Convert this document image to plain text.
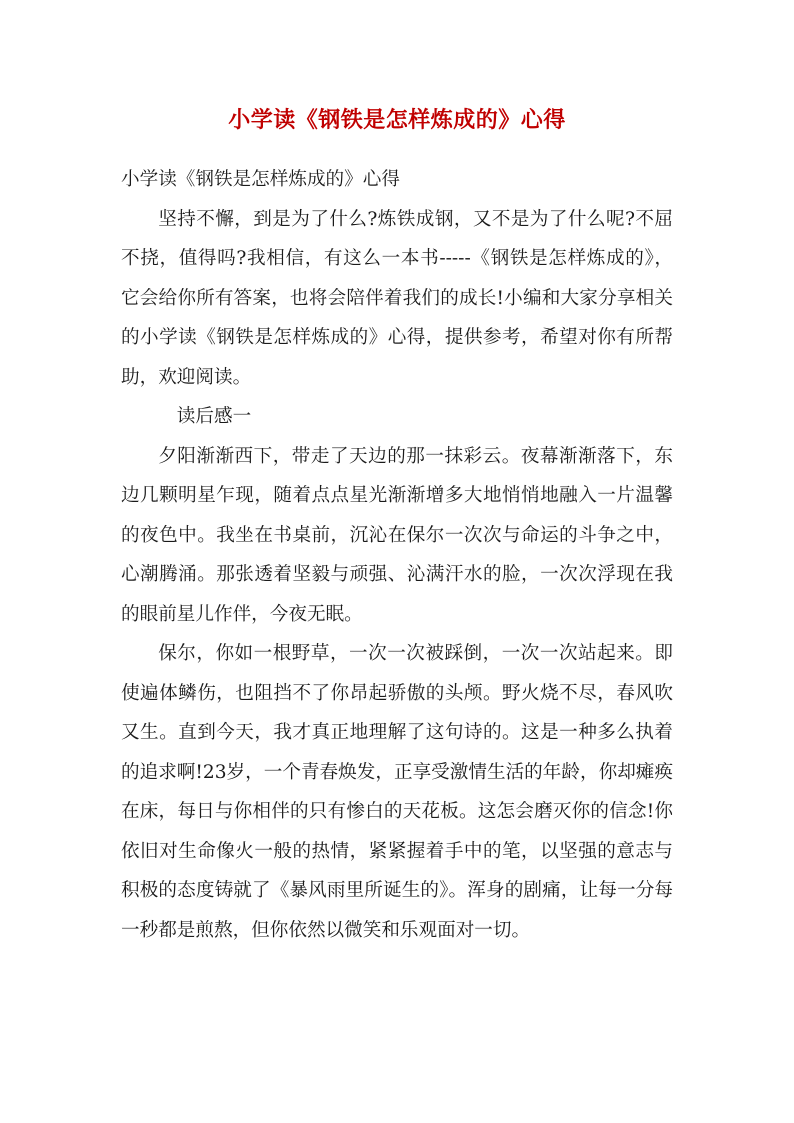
小学读《钢铁是怎样炼成的》心得

小学读《钢铁是怎样炼成的》心得

坚持不懈，到是为了什么?炼铁成钢，又不是为了什么呢?不屈不挠，值得吗?我相信，有这么一本书-----《钢铁是怎样炼成的》，它会给你所有答案，也将会陪伴着我们的成长!小编和大家分享相关的小学读《钢铁是怎样炼成的》心得，提供参考，希望对你有所帮助，欢迎阅读。

读后感一

夕阳渐渐西下，带走了天边的那一抹彩云。夜幕渐渐落下，东边几颗明星乍现，随着点点星光渐渐增多大地悄悄地融入一片温馨的夜色中。我坐在书桌前，沉沁在保尔一次次与命运的斗争之中，心潮腾涌。那张透着坚毅与顽强、沁满汗水的脸，一次次浮现在我的眼前星儿作伴，今夜无眠。

保尔，你如一根野草，一次一次被踩倒，一次一次站起来。即使遍体鳞伤，也阻挡不了你昂起骄傲的头颅。野火烧不尽，春风吹又生。直到今天，我才真正地理解了这句诗的。这是一种多么执着的追求啊!23岁，一个青春焕发，正享受激情生活的年龄，你却瘫痪在床，每日与你相伴的只有惨白的天花板。这怎会磨灭你的信念!你依旧对生命像火一般的热情，紧紧握着手中的笔，以坚强的意志与积极的态度铸就了《暴风雨里所诞生的》。浑身的剧痛，让每一分每一秒都是煎熬，但你依然以微笑和乐观面对一切。
